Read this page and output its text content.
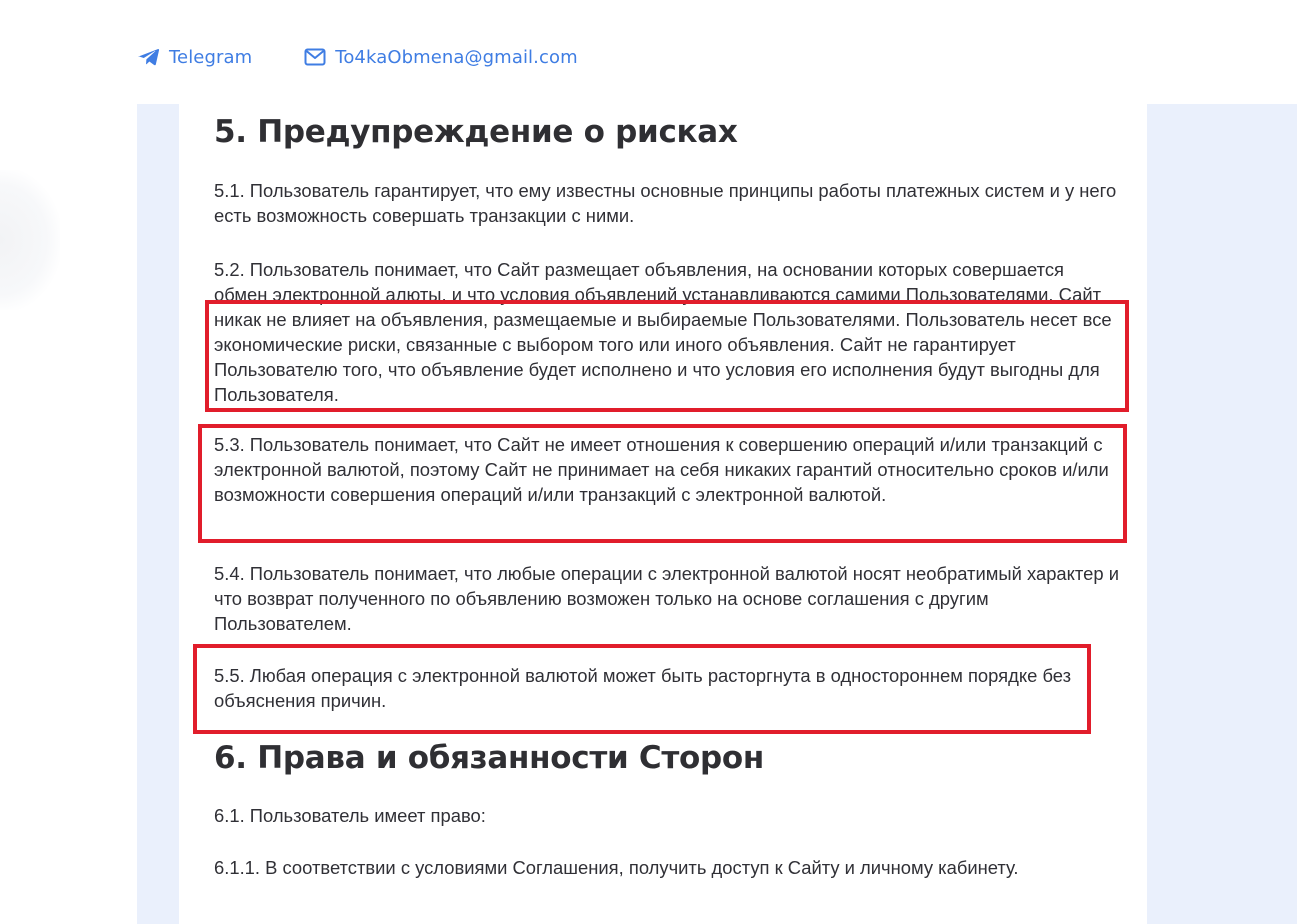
Telegram	To4kaObmena@gmail.com
5. Предупреждение о рисках

5.1. Пользователь гарантирует, что ему известны основные принципы работы платежных систем и у него есть возможность совершать транзакции с ними.

5.2. Пользователь понимает, что Сайт размещает объявления, на основании которых совершается обмен электронной алюты, и что условия объявлений устанавливаются самими Пользователями. Сайт никак не влияет на объявления, размещаемые и выбираемые Пользователями. Пользователь несет все экономические риски, связанные с выбором того или иного объявления. Сайт не гарантирует Пользователю того, что объявление будет исполнено и что условия его исполнения будут выгодны для Пользователя.

5.3. Пользователь понимает, что Сайт не имеет отношения к совершению операций и/или транзакций с электронной валютой, поэтому Сайт не принимает на себя никаких гарантий относительно сроков и/или возможности совершения операций и/или транзакций с электронной валютой.

5.4. Пользователь понимает, что любые операции с электронной валютой носят необратимый характер и что возврат полученного по объявлению возможен только на основе соглашения с другим Пользователем.

5.5. Любая операция с электронной валютой может быть расторгнута в одностороннем порядке без объяснения причин.

6. Права и обязанности Сторон

6.1. Пользователь имеет право:

6.1.1. В соответствии с условиями Соглашения, получить доступ к Сайту и личному кабинету.
